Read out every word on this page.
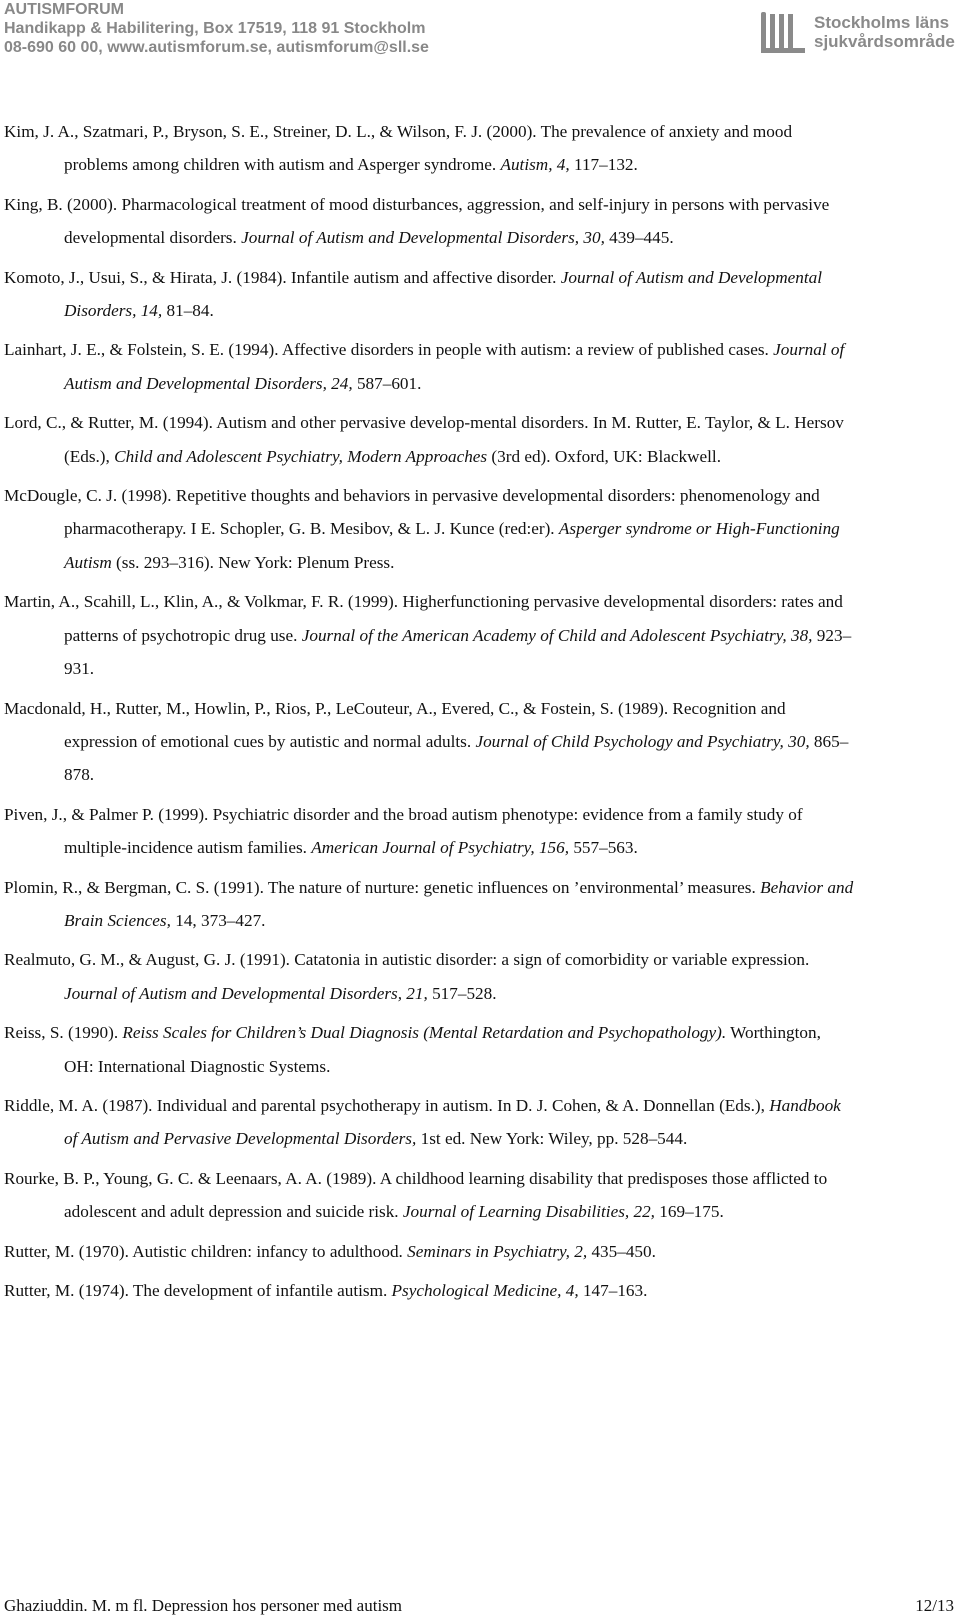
AUTISMFORUM
Handikapp & Habilitering, Box 17519, 118 91 Stockholm
08-690 60 00, www.autismforum.se, autismforum@sll.se
Stockholms läns
sjukvårdsområde

Kim, J. A., Szatmari, P., Bryson, S. E., Streiner, D. L., & Wilson, F. J. (2000). The prevalence of anxiety and mood problems among children with autism and Asperger syndrome. Autism, 4, 117–132.

King, B. (2000). Pharmacological treatment of mood disturbances, aggression, and self-injury in persons with pervasive developmental disorders. Journal of Autism and Developmental Disorders, 30, 439–445.

Komoto, J., Usui, S., & Hirata, J. (1984). Infantile autism and affective disorder. Journal of Autism and Developmental Disorders, 14, 81–84.

Lainhart, J. E., & Folstein, S. E. (1994). Affective disorders in people with autism: a review of published cases. Journal of Autism and Developmental Disorders, 24, 587–601.

Lord, C., & Rutter, M. (1994). Autism and other pervasive develop-mental disorders. In M. Rutter, E. Taylor, & L. Hersov (Eds.), Child and Adolescent Psychiatry, Modern Approaches (3rd ed). Oxford, UK: Blackwell.

McDougle, C. J. (1998). Repetitive thoughts and behaviors in pervasive developmental disorders: phenomenology and pharmacotherapy. I E. Schopler, G. B. Mesibov, & L. J. Kunce (red:er). Asperger syndrome or High-Functioning Autism (ss. 293–316). New York: Plenum Press.

Martin, A., Scahill, L., Klin, A., & Volkmar, F. R. (1999). Higherfunctioning pervasive developmental disorders: rates and patterns of psychotropic drug use. Journal of the American Academy of Child and Adolescent Psychiatry, 38, 923–931.

Macdonald, H., Rutter, M., Howlin, P., Rios, P., LeCouteur, A., Evered, C., & Fostein, S. (1989). Recognition and expression of emotional cues by autistic and normal adults. Journal of Child Psychology and Psychiatry, 30, 865–878.

Piven, J., & Palmer P. (1999). Psychiatric disorder and the broad autism phenotype: evidence from a family study of multiple-incidence autism families. American Journal of Psychiatry, 156, 557–563.

Plomin, R., & Bergman, C. S. (1991). The nature of nurture: genetic influences on ’environmental’ measures. Behavior and Brain Sciences, 14, 373–427.

Realmuto, G. M., & August, G. J. (1991). Catatonia in autistic disorder: a sign of comorbidity or variable expression. Journal of Autism and Developmental Disorders, 21, 517–528.

Reiss, S. (1990). Reiss Scales for Children’s Dual Diagnosis (Mental Retardation and Psychopathology). Worthington, OH: International Diagnostic Systems.

Riddle, M. A. (1987). Individual and parental psychotherapy in autism. In D. J. Cohen, & A. Donnellan (Eds.), Handbook of Autism and Pervasive Developmental Disorders, 1st ed. New York: Wiley, pp. 528–544.

Rourke, B. P., Young, G. C. & Leenaars, A. A. (1989). A childhood learning disability that predisposes those afflicted to adolescent and adult depression and suicide risk. Journal of Learning Disabilities, 22, 169–175.

Rutter, M. (1970). Autistic children: infancy to adulthood. Seminars in Psychiatry, 2, 435–450.

Rutter, M. (1974). The development of infantile autism. Psychological Medicine, 4, 147–163.

Ghaziuddin. M. m fl. Depression hos personer med autism	12/13
